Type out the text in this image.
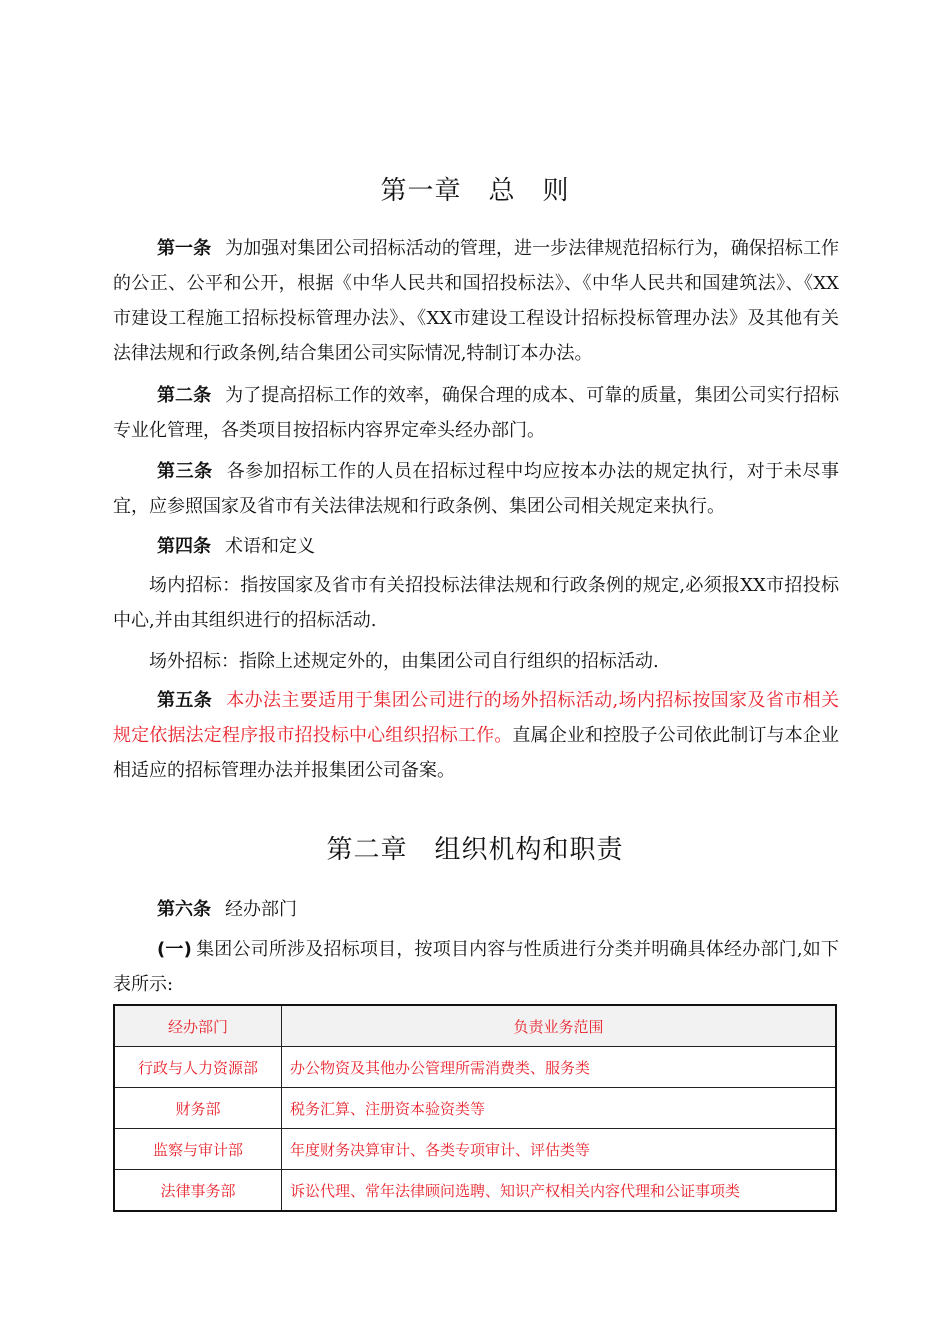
第一章　总　则

第一条 为加强对集团公司招标活动的管理，进一步法律规范招标行为，确保招标工作的公正、公平和公开，根据《中华人民共和国招投标法》、《中华人民共和国建筑法》、《XX市建设工程施工招标投标管理办法》、《XX市建设工程设计招标投标管理办法》及其他有关法律法规和行政条例,结合集团公司实际情况,特制订本办法。

第二条 为了提高招标工作的效率，确保合理的成本、可靠的质量，集团公司实行招标专业化管理，各类项目按招标内容界定牵头经办部门。

第三条 各参加招标工作的人员在招标过程中均应按本办法的规定执行，对于未尽事宜，应参照国家及省市有关法律法规和行政条例、集团公司相关规定来执行。

第四条 术语和定义

场内招标：指按国家及省市有关招投标法律法规和行政条例的规定,必须报XX市招投标中心,并由其组织进行的招标活动.

场外招标：指除上述规定外的，由集团公司自行组织的招标活动.

第五条 本办法主要适用于集团公司进行的场外招标活动,场内招标按国家及省市相关规定依据法定程序报市招投标中心组织招标工作。直属企业和控股子公司依此制订与本企业相适应的招标管理办法并报集团公司备案。

第二章　组织机构和职责

第六条 经办部门

(一) 集团公司所涉及招标项目，按项目内容与性质进行分类并明确具体经办部门,如下表所示:

经办部门	负责业务范围
行政与人力资源部	办公物资及其他办公管理所需消费类、服务类
财务部	税务汇算、注册资本验资类等
监察与审计部	年度财务决算审计、各类专项审计、评估类等
法律事务部	诉讼代理、常年法律顾问选聘、知识产权相关内容代理和公证事项类
